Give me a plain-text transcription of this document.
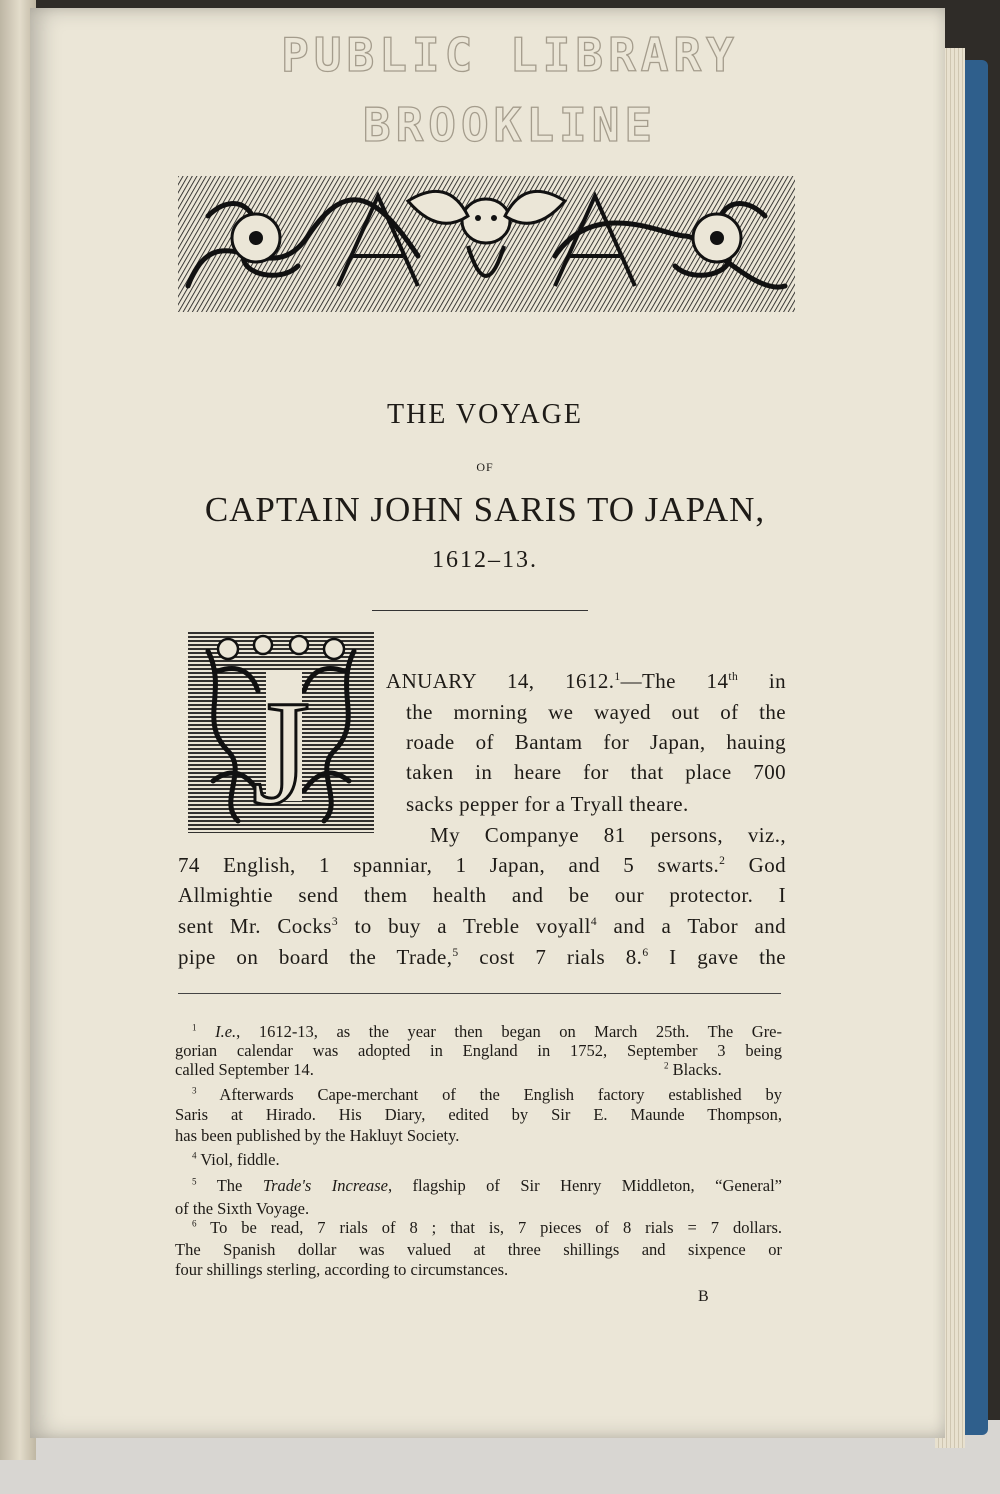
PUBLIC LIBRARY
BROOKLINE
THE VOYAGE
OF
CAPTAIN JOHN SARIS TO JAPAN,
1612–13.
J	ANUARY 14, 1612.$^1$—The 14th in
the morning we wayed out of the
roade of Bantam for Japan, hauing
taken in heare for that place 700
sacks pepper for a Tryall theare.
My Companye 81 persons, viz.,
74 English, 1 spanniar, 1 Japan, and 5 swarts.$^2$ God
Allmightie send them health and be our protector. I
sent Mr. Cocks$^3$ to buy a Treble voyall$^4$ and a Tabor and
pipe on board the Trade,$^5$ cost 7 rials 8.$^6$ I gave the
$^1$ I.e., 1612-13, as the year then began on March 25th. The Gre-
gorian calendar was adopted in England in 1752, September 3 being
called September 14.	$^2$ Blacks.
$^3$ Afterwards Cape-merchant of the English factory established by
Saris at Hirado. His Diary, edited by Sir E. Maunde Thompson,
has been published by the Hakluyt Society.
$^4$ Viol, fiddle.
$^5$ The Trade's Increase, flagship of Sir Henry Middleton, “General”
of the Sixth Voyage.
$^6$ To be read, 7 rials of 8 ; that is, 7 pieces of 8 rials = 7 dollars.
The Spanish dollar was valued at three shillings and sixpence or
four shillings sterling, according to circumstances.
B
